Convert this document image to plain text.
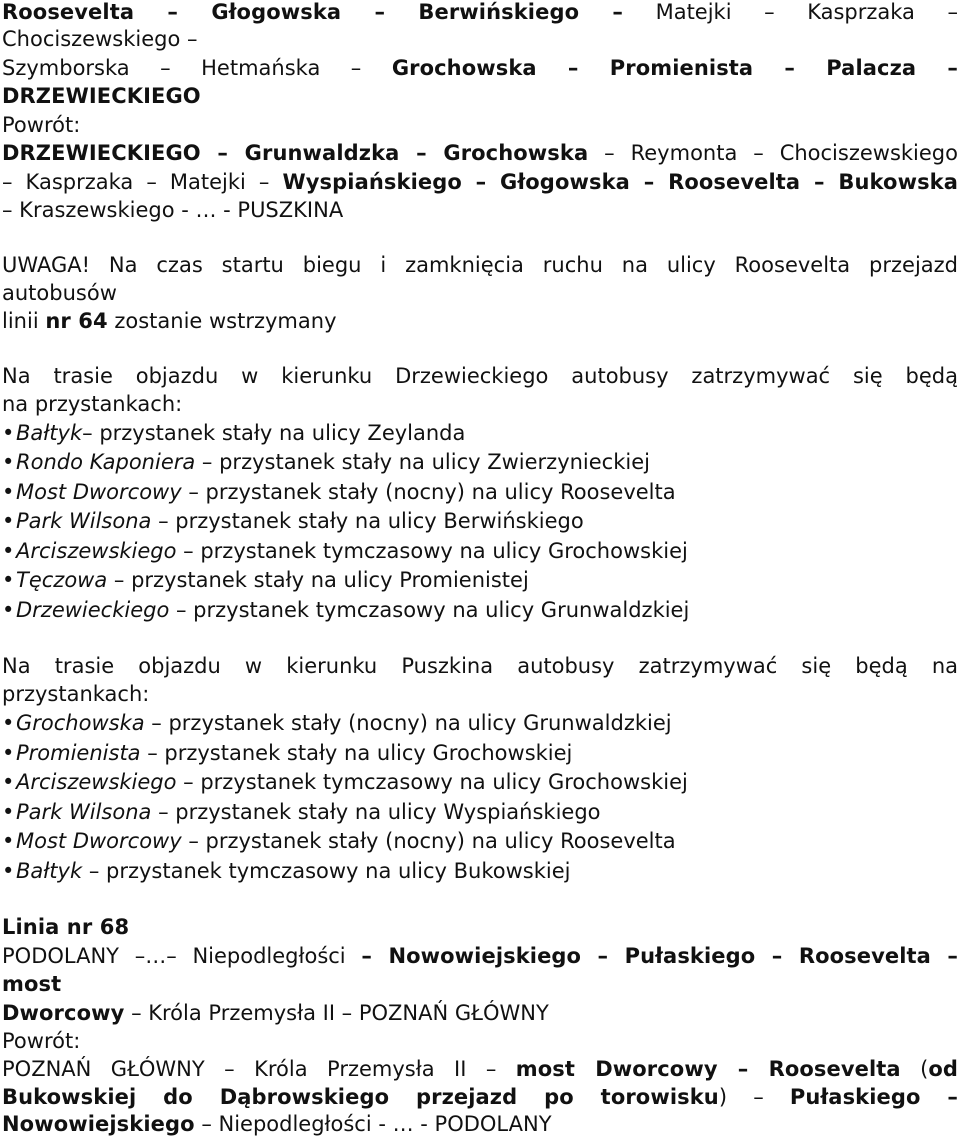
Roosevelta – Głogowska – Berwińskiego – Matejki – Kasprzaka –
Chociszewskiego –
Szymborska – Hetmańska – Grochowska – Promienista – Palacza –
DRZEWIECKIEGO
Powrót:
DRZEWIECKIEGO – Grunwaldzka – Grochowska – Reymonta – Chociszewskiego
– Kasprzaka – Matejki – Wyspiańskiego – Głogowska – Roosevelta – Bukowska
– Kraszewskiego - … - PUSZKINA
UWAGA! Na czas startu biegu i zamknięcia ruchu na ulicy Roosevelta przejazd
autobusów
linii nr 64 zostanie wstrzymany
Na trasie objazdu w kierunku Drzewieckiego autobusy zatrzymywać się będą
na przystankach:
•Bałtyk– przystanek stały na ulicy Zeylanda
•Rondo Kaponiera – przystanek stały na ulicy Zwierzynieckiej
•Most Dworcowy – przystanek stały (nocny) na ulicy Roosevelta
•Park Wilsona – przystanek stały na ulicy Berwińskiego
•Arciszewskiego – przystanek tymczasowy na ulicy Grochowskiej
•Tęczowa – przystanek stały na ulicy Promienistej
•Drzewieckiego – przystanek tymczasowy na ulicy Grunwaldzkiej
Na trasie objazdu w kierunku Puszkina autobusy zatrzymywać się będą na
przystankach:
•Grochowska – przystanek stały (nocny) na ulicy Grunwaldzkiej
•Promienista – przystanek stały na ulicy Grochowskiej
•Arciszewskiego – przystanek tymczasowy na ulicy Grochowskiej
•Park Wilsona – przystanek stały na ulicy Wyspiańskiego
•Most Dworcowy – przystanek stały (nocny) na ulicy Roosevelta
•Bałtyk – przystanek tymczasowy na ulicy Bukowskiej
Linia nr 68
PODOLANY –…– Niepodległości – Nowowiejskiego – Pułaskiego – Roosevelta –
most
Dworcowy – Króla Przemysła II – POZNAŃ GŁÓWNY
Powrót:
POZNAŃ GŁÓWNY – Króla Przemysła II – most Dworcowy – Roosevelta (od
Bukowskiej do Dąbrowskiego przejazd po torowisku) – Pułaskiego –
Nowowiejskiego – Niepodległości - … - PODOLANY
